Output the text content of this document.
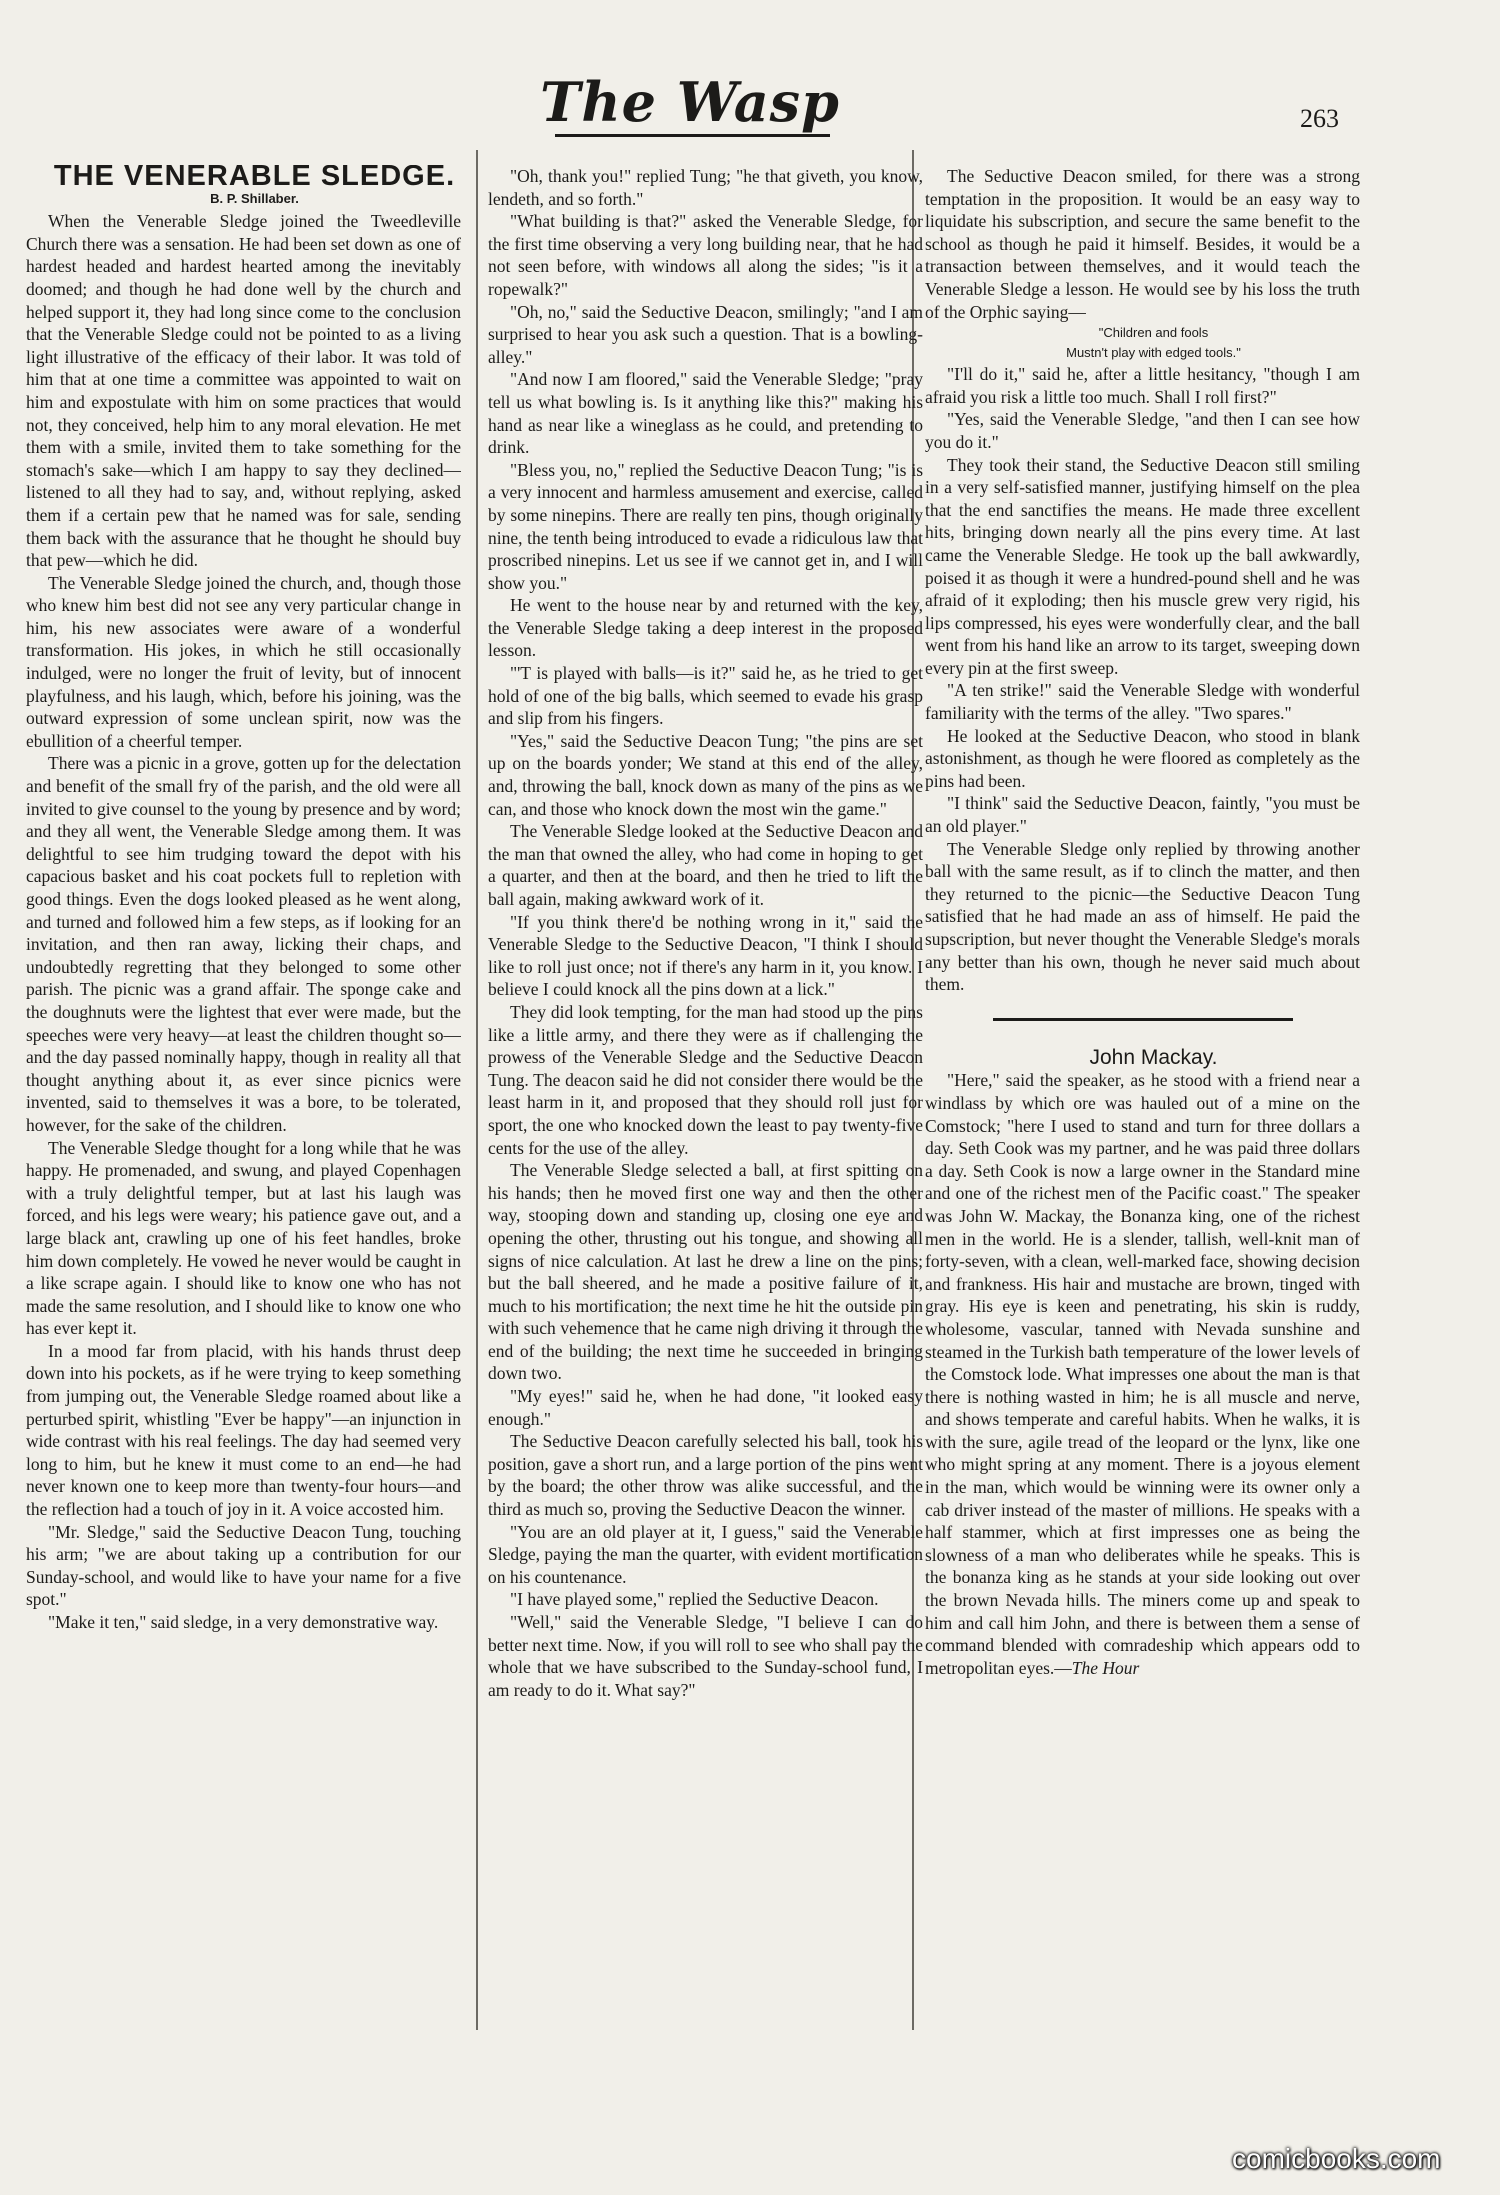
The Wasp	263

THE VENERABLE SLEDGE.

B. P. Shillaber.

When the Venerable Sledge joined the Tweedleville Church there was a sensation. He had been set down as one of hardest headed and hardest hearted among the inevitably doomed; and though he had done well by the church and helped support it, they had long since come to the conclusion that the Venerable Sledge could not be pointed to as a living light illustrative of the efficacy of their labor. It was told of him that at one time a committee was appointed to wait on him and expostulate with him on some practices that would not, they conceived, help him to any moral elevation. He met them with a smile, invited them to take something for the stomach's sake—which I am happy to say they declined—listened to all they had to say, and, without replying, asked them if a certain pew that he named was for sale, sending them back with the assurance that he thought he should buy that pew—which he did.

The Venerable Sledge joined the church, and, though those who knew him best did not see any very particular change in him, his new associates were aware of a wonderful transformation. His jokes, in which he still occasionally indulged, were no longer the fruit of levity, but of innocent playfulness, and his laugh, which, before his joining, was the outward expression of some unclean spirit, now was the ebullition of a cheerful temper.

There was a picnic in a grove, gotten up for the delectation and benefit of the small fry of the parish, and the old were all invited to give counsel to the young by presence and by word; and they all went, the Venerable Sledge among them. It was delightful to see him trudging toward the depot with his capacious basket and his coat pockets full to repletion with good things. Even the dogs looked pleased as he went along, and turned and followed him a few steps, as if looking for an invitation, and then ran away, licking their chaps, and undoubtedly regretting that they belonged to some other parish. The picnic was a grand affair. The sponge cake and the doughnuts were the lightest that ever were made, but the speeches were very heavy—at least the children thought so—and the day passed nominally happy, though in reality all that thought anything about it, as ever since picnics were invented, said to themselves it was a bore, to be tolerated, however, for the sake of the children.

The Venerable Sledge thought for a long while that he was happy. He promenaded, and swung, and played Copenhagen with a truly delightful temper, but at last his laugh was forced, and his legs were weary; his patience gave out, and a large black ant, crawling up one of his feet handles, broke him down completely. He vowed he never would be caught in a like scrape again. I should like to know one who has not made the same resolution, and I should like to know one who has ever kept it.

In a mood far from placid, with his hands thrust deep down into his pockets, as if he were trying to keep something from jumping out, the Venerable Sledge roamed about like a perturbed spirit, whistling "Ever be happy"—an injunction in wide contrast with his real feelings. The day had seemed very long to him, but he knew it must come to an end—he had never known one to keep more than twenty-four hours—and the reflection had a touch of joy in it. A voice accosted him.

"Mr. Sledge," said the Seductive Deacon Tung, touching his arm; "we are about taking up a contribution for our Sunday-school, and would like to have your name for a five spot."

"Make it ten," said sledge, in a very demonstrative way.

"Oh, thank you!" replied Tung; "he that giveth, you know, lendeth, and so forth."

"What building is that?" asked the Venerable Sledge, for the first time observing a very long building near, that he had not seen before, with windows all along the sides; "is it a ropewalk?"

"Oh, no," said the Seductive Deacon, smilingly; "and I am surprised to hear you ask such a question. That is a bowling-alley."

"And now I am floored," said the Venerable Sledge; "pray tell us what bowling is. Is it anything like this?" making his hand as near like a wineglass as he could, and pretending to drink.

"Bless you, no," replied the Seductive Deacon Tung; "is is a very innocent and harmless amusement and exercise, called by some ninepins. There are really ten pins, though originally nine, the tenth being introduced to evade a ridiculous law that proscribed ninepins. Let us see if we cannot get in, and I will show you."

He went to the house near by and returned with the key, the Venerable Sledge taking a deep interest in the proposed lesson.

"'T is played with balls—is it?" said he, as he tried to get hold of one of the big balls, which seemed to evade his grasp and slip from his fingers.

"Yes," said the Seductive Deacon Tung; "the pins are set up on the boards yonder; We stand at this end of the alley, and, throwing the ball, knock down as many of the pins as we can, and those who knock down the most win the game."

The Venerable Sledge looked at the Seductive Deacon and the man that owned the alley, who had come in hoping to get a quarter, and then at the board, and then he tried to lift the ball again, making awkward work of it.

"If you think there'd be nothing wrong in it," said the Venerable Sledge to the Seductive Deacon, "I think I should like to roll just once; not if there's any harm in it, you know. I believe I could knock all the pins down at a lick."

They did look tempting, for the man had stood up the pins like a little army, and there they were as if challenging the prowess of the Venerable Sledge and the Seductive Deacon Tung. The deacon said he did not consider there would be the least harm in it, and proposed that they should roll just for sport, the one who knocked down the least to pay twenty-five cents for the use of the alley.

The Venerable Sledge selected a ball, at first spitting on his hands; then he moved first one way and then the other way, stooping down and standing up, closing one eye and opening the other, thrusting out his tongue, and showing all signs of nice calculation. At last he drew a line on the pins; but the ball sheered, and he made a positive failure of it, much to his mortification; the next time he hit the outside pin with such vehemence that he came nigh driving it through the end of the building; the next time he succeeded in bringing down two.

"My eyes!" said he, when he had done, "it looked easy enough."

The Seductive Deacon carefully selected his ball, took his position, gave a short run, and a large portion of the pins went by the board; the other throw was alike successful, and the third as much so, proving the Seductive Deacon the winner.

"You are an old player at it, I guess," said the Venerable Sledge, paying the man the quarter, with evident mortification on his countenance.

"I have played some," replied the Seductive Deacon.

"Well," said the Venerable Sledge, "I believe I can do better next time. Now, if you will roll to see who shall pay the whole that we have subscribed to the Sunday-school fund, I am ready to do it. What say?"

The Seductive Deacon smiled, for there was a strong temptation in the proposition. It would be an easy way to liquidate his subscription, and secure the same benefit to the school as though he paid it himself. Besides, it would be a transaction between themselves, and it would teach the Venerable Sledge a lesson. He would see by his loss the truth of the Orphic saying—

"Children and fools

Mustn't play with edged tools."

"I'll do it," said he, after a little hesitancy, "though I am afraid you risk a little too much. Shall I roll first?"

"Yes, said the Venerable Sledge, "and then I can see how you do it."

They took their stand, the Seductive Deacon still smiling in a very self-satisfied manner, justifying himself on the plea that the end sanctifies the means. He made three excellent hits, bringing down nearly all the pins every time. At last came the Venerable Sledge. He took up the ball awkwardly, poised it as though it were a hundred-pound shell and he was afraid of it exploding; then his muscle grew very rigid, his lips compressed, his eyes were wonderfully clear, and the ball went from his hand like an arrow to its target, sweeping down every pin at the first sweep.

"A ten strike!" said the Venerable Sledge with wonderful familiarity with the terms of the alley. "Two spares."

He looked at the Seductive Deacon, who stood in blank astonishment, as though he were floored as completely as the pins had been.

"I think" said the Seductive Deacon, faintly, "you must be an old player."

The Venerable Sledge only replied by throwing another ball with the same result, as if to clinch the matter, and then they returned to the picnic—the Seductive Deacon Tung satisfied that he had made an ass of himself. He paid the supscription, but never thought the Venerable Sledge's morals any better than his own, though he never said much about them.

John Mackay.

"Here," said the speaker, as he stood with a friend near a windlass by which ore was hauled out of a mine on the Comstock; "here I used to stand and turn for three dollars a day. Seth Cook was my partner, and he was paid three dollars a day. Seth Cook is now a large owner in the Standard mine and one of the richest men of the Pacific coast." The speaker was John W. Mackay, the Bonanza king, one of the richest men in the world. He is a slender, tallish, well-knit man of forty-seven, with a clean, well-marked face, showing decision and frankness. His hair and mustache are brown, tinged with gray. His eye is keen and penetrating, his skin is ruddy, wholesome, vascular, tanned with Nevada sunshine and steamed in the Turkish bath temperature of the lower levels of the Comstock lode. What impresses one about the man is that there is nothing wasted in him; he is all muscle and nerve, and shows temperate and careful habits. When he walks, it is with the sure, agile tread of the leopard or the lynx, like one who might spring at any moment. There is a joyous element in the man, which would be winning were its owner only a cab driver instead of the master of millions. He speaks with a half stammer, which at first impresses one as being the slowness of a man who deliberates while he speaks. This is the bonanza king as he stands at your side looking out over the brown Nevada hills. The miners come up and speak to him and call him John, and there is between them a sense of command blended with comradeship which appears odd to metropolitan eyes.—The Hour

comicbooks.com
